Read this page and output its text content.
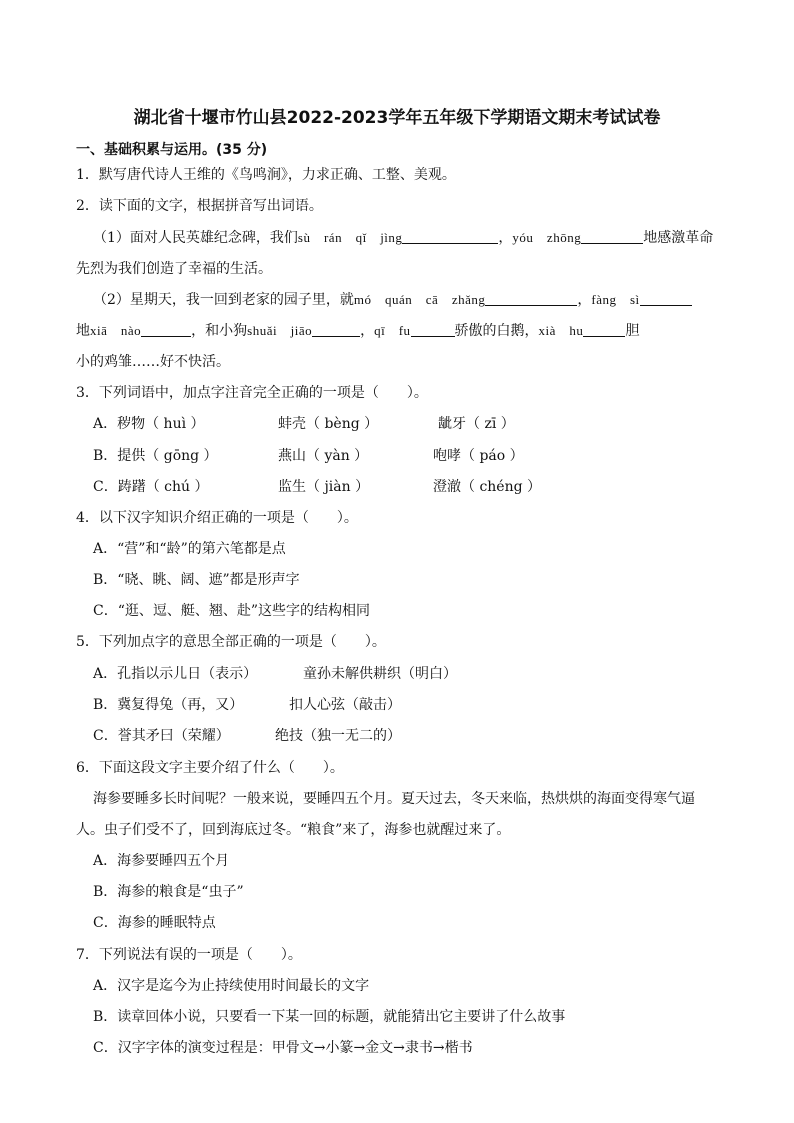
湖北省十堰市竹山县2022-2023学年五年级下学期语文期末考试试卷
一、基础积累与运用。(35 分)
1．默写唐代诗人王维的《鸟鸣涧》，力求正确、工整、美观。
2．读下面的文字，根据拼音写出词语。
（1）面对人民英雄纪念碑，我们sù　rán　qǐ　jìng	，yóu　zhōng	地感激革命
先烈为我们创造了幸福的生活。
（2）星期天，我一回到老家的园子里，就mó　quán　cā　zhǎng	，fàng　sì
地xiā　nào	，和小狗shuǎi　jiāo	，qī　fu	骄傲的白鹅，xià　hu	胆
小的鸡雏……好不快活。
3．下列词语中，加点字注音完全正确的一项是（　　）。
A．秽物（ huì ）	蚌壳（ bèng ）	龇牙（ zī ）
B．提供（ gōng ）	燕山（ yàn ）	咆哮（ páo ）
C．踌躇（ chú ）	监生（ jiàn ）	澄澈（ chéng ）
4．以下汉字知识介绍正确的一项是（　　）。
A．“营”和“龄”的第六笔都是点
B．“晓、眺、阔、遮”都是形声字
C．“逛、逗、艇、翘、赴”这些字的结构相同
5．下列加点字的意思全部正确的一项是（　　）。
A．孔指以示儿日（表示）	童孙未解供耕织（明白）
B．冀复得兔（再，又）	扣人心弦（敲击）
C．誉其矛曰（荣耀）	绝技（独一无二的）
6．下面这段文字主要介绍了什么（　　）。
海参要睡多长时间呢？一般来说，要睡四五个月。夏天过去，冬天来临，热烘烘的海面变得寒气逼
人。虫子们受不了，回到海底过冬。“粮食”来了，海参也就醒过来了。
A．海参要睡四五个月
B．海参的粮食是“虫子”
C．海参的睡眠特点
7．下列说法有误的一项是（　　）。
A．汉字是迄今为止持续使用时间最长的文字
B．读章回体小说，只要看一下某一回的标题，就能猜出它主要讲了什么故事
C．汉字字体的演变过程是：甲骨文→小篆→金文→隶书→楷书
